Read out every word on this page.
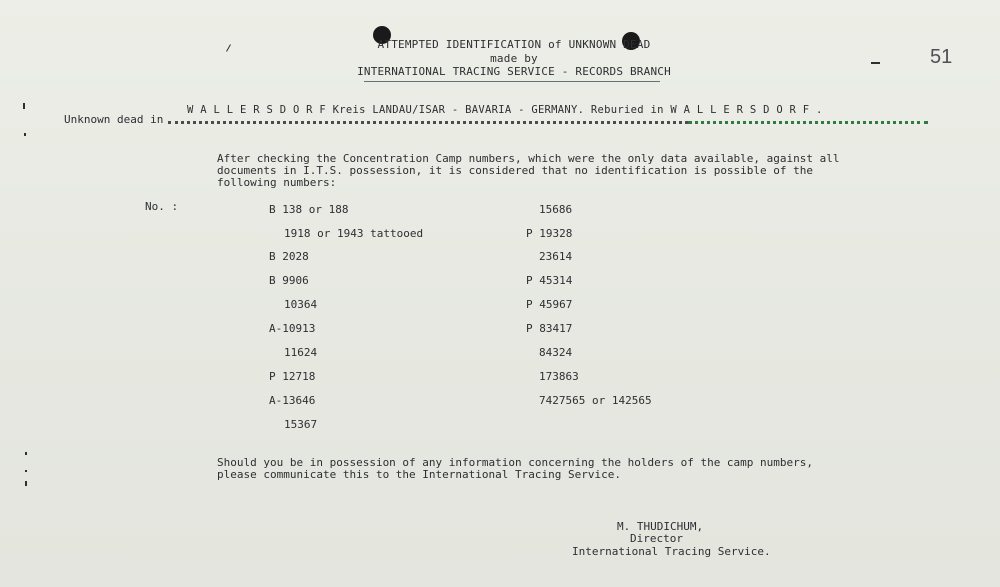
ATTEMPTED IDENTIFICATION of UNKNOWN DEAD
made by
INTERNATIONAL TRACING SERVICE - RECORDS BRANCH
51
Unknown dead in
W A L L E R S D O R F Kreis LANDAU/ISAR - BAVARIA - GERMANY. Reburied in W A L L E R S D O R F .
After checking the Concentration Camp numbers, which were the only data available, against all
documents in I.T.S. possession, it is considered that no identification is possible of the
following numbers:
No. :	B 138 or 188
1918 or 1943 tattooed
B 2028
B 9906
10364
A-10913
11624
P 12718
A-13646
15367
15686
P 19328
23614
P 45314
P 45967
P 83417
84324
173863
7427565 or 142565
Should you be in possession of any information concerning the holders of the camp numbers,
please communicate this to the International Tracing Service.
M. THUDICHUM,
Director
International Tracing Service.
